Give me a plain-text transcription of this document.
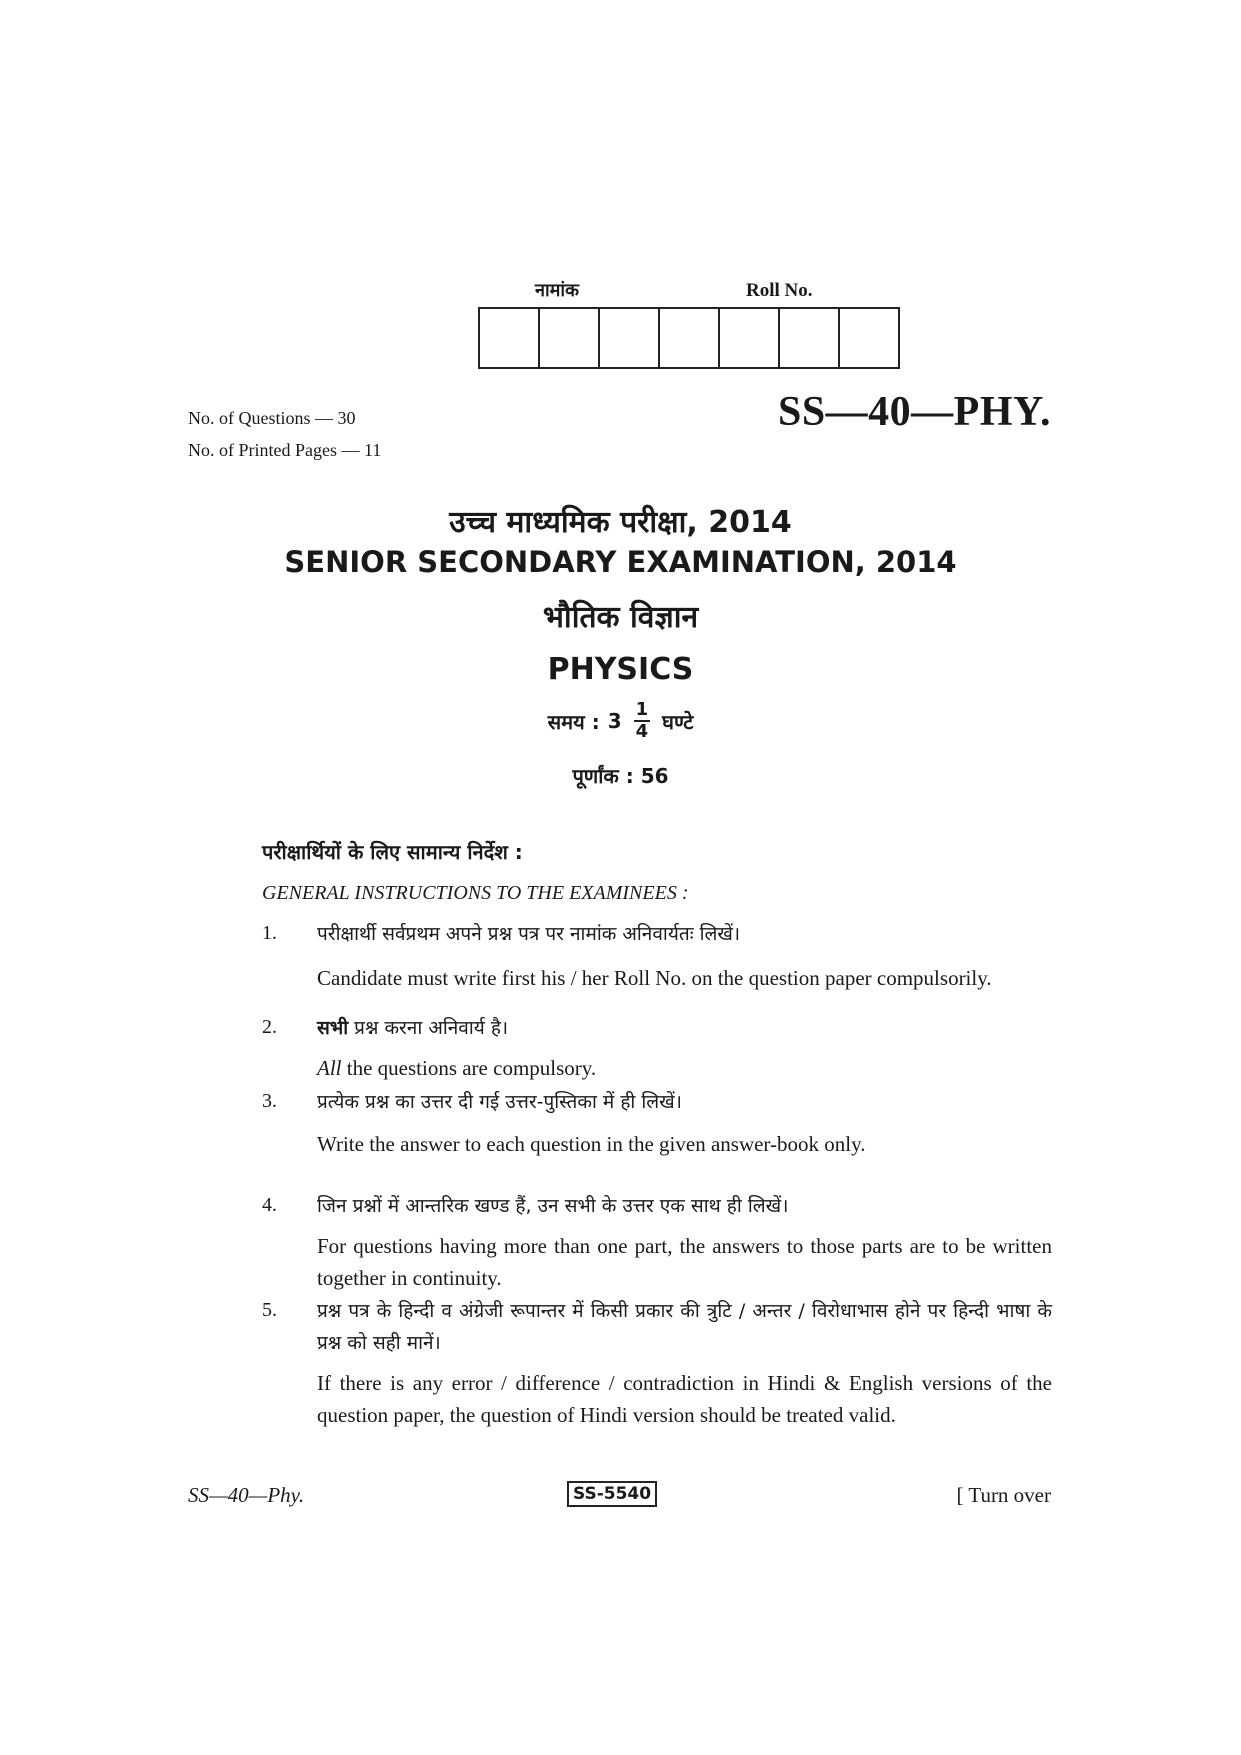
नामांक	Roll No.
No. of Questions — 30
No. of Printed Pages — 11
SS—40—PHY.
उच्च माध्यमिक परीक्षा, 2014
SENIOR SECONDARY EXAMINATION, 2014
भौतिक विज्ञान
PHYSICS
समय : $3 \frac{1}{4}$ घण्टे
पूर्णांक : 56
परीक्षार्थियों के लिए सामान्य निर्देश :
GENERAL INSTRUCTIONS TO THE EXAMINEES :
1. परीक्षार्थी सर्वप्रथम अपने प्रश्न पत्र पर नामांक अनिवार्यतः लिखें।
Candidate must write first his / her Roll No. on the question paper compulsorily.
2. सभी प्रश्न करना अनिवार्य है।
All the questions are compulsory.
3. प्रत्येक प्रश्न का उत्तर दी गई उत्तर-पुस्तिका में ही लिखें।
Write the answer to each question in the given answer-book only.
4. जिन प्रश्नों में आन्तरिक खण्ड हैं, उन सभी के उत्तर एक साथ ही लिखें।
For questions having more than one part, the answers to those parts are to be written together in continuity.
5. प्रश्न पत्र के हिन्दी व अंग्रेजी रूपान्तर में किसी प्रकार की त्रुटि / अन्तर / विरोधाभास होने पर हिन्दी भाषा के प्रश्न को सही मानें।
If there is any error / difference / contradiction in Hindi & English versions of the question paper, the question of Hindi version should be treated valid.
SS—40—Phy.	SS-5540	[ Turn over
